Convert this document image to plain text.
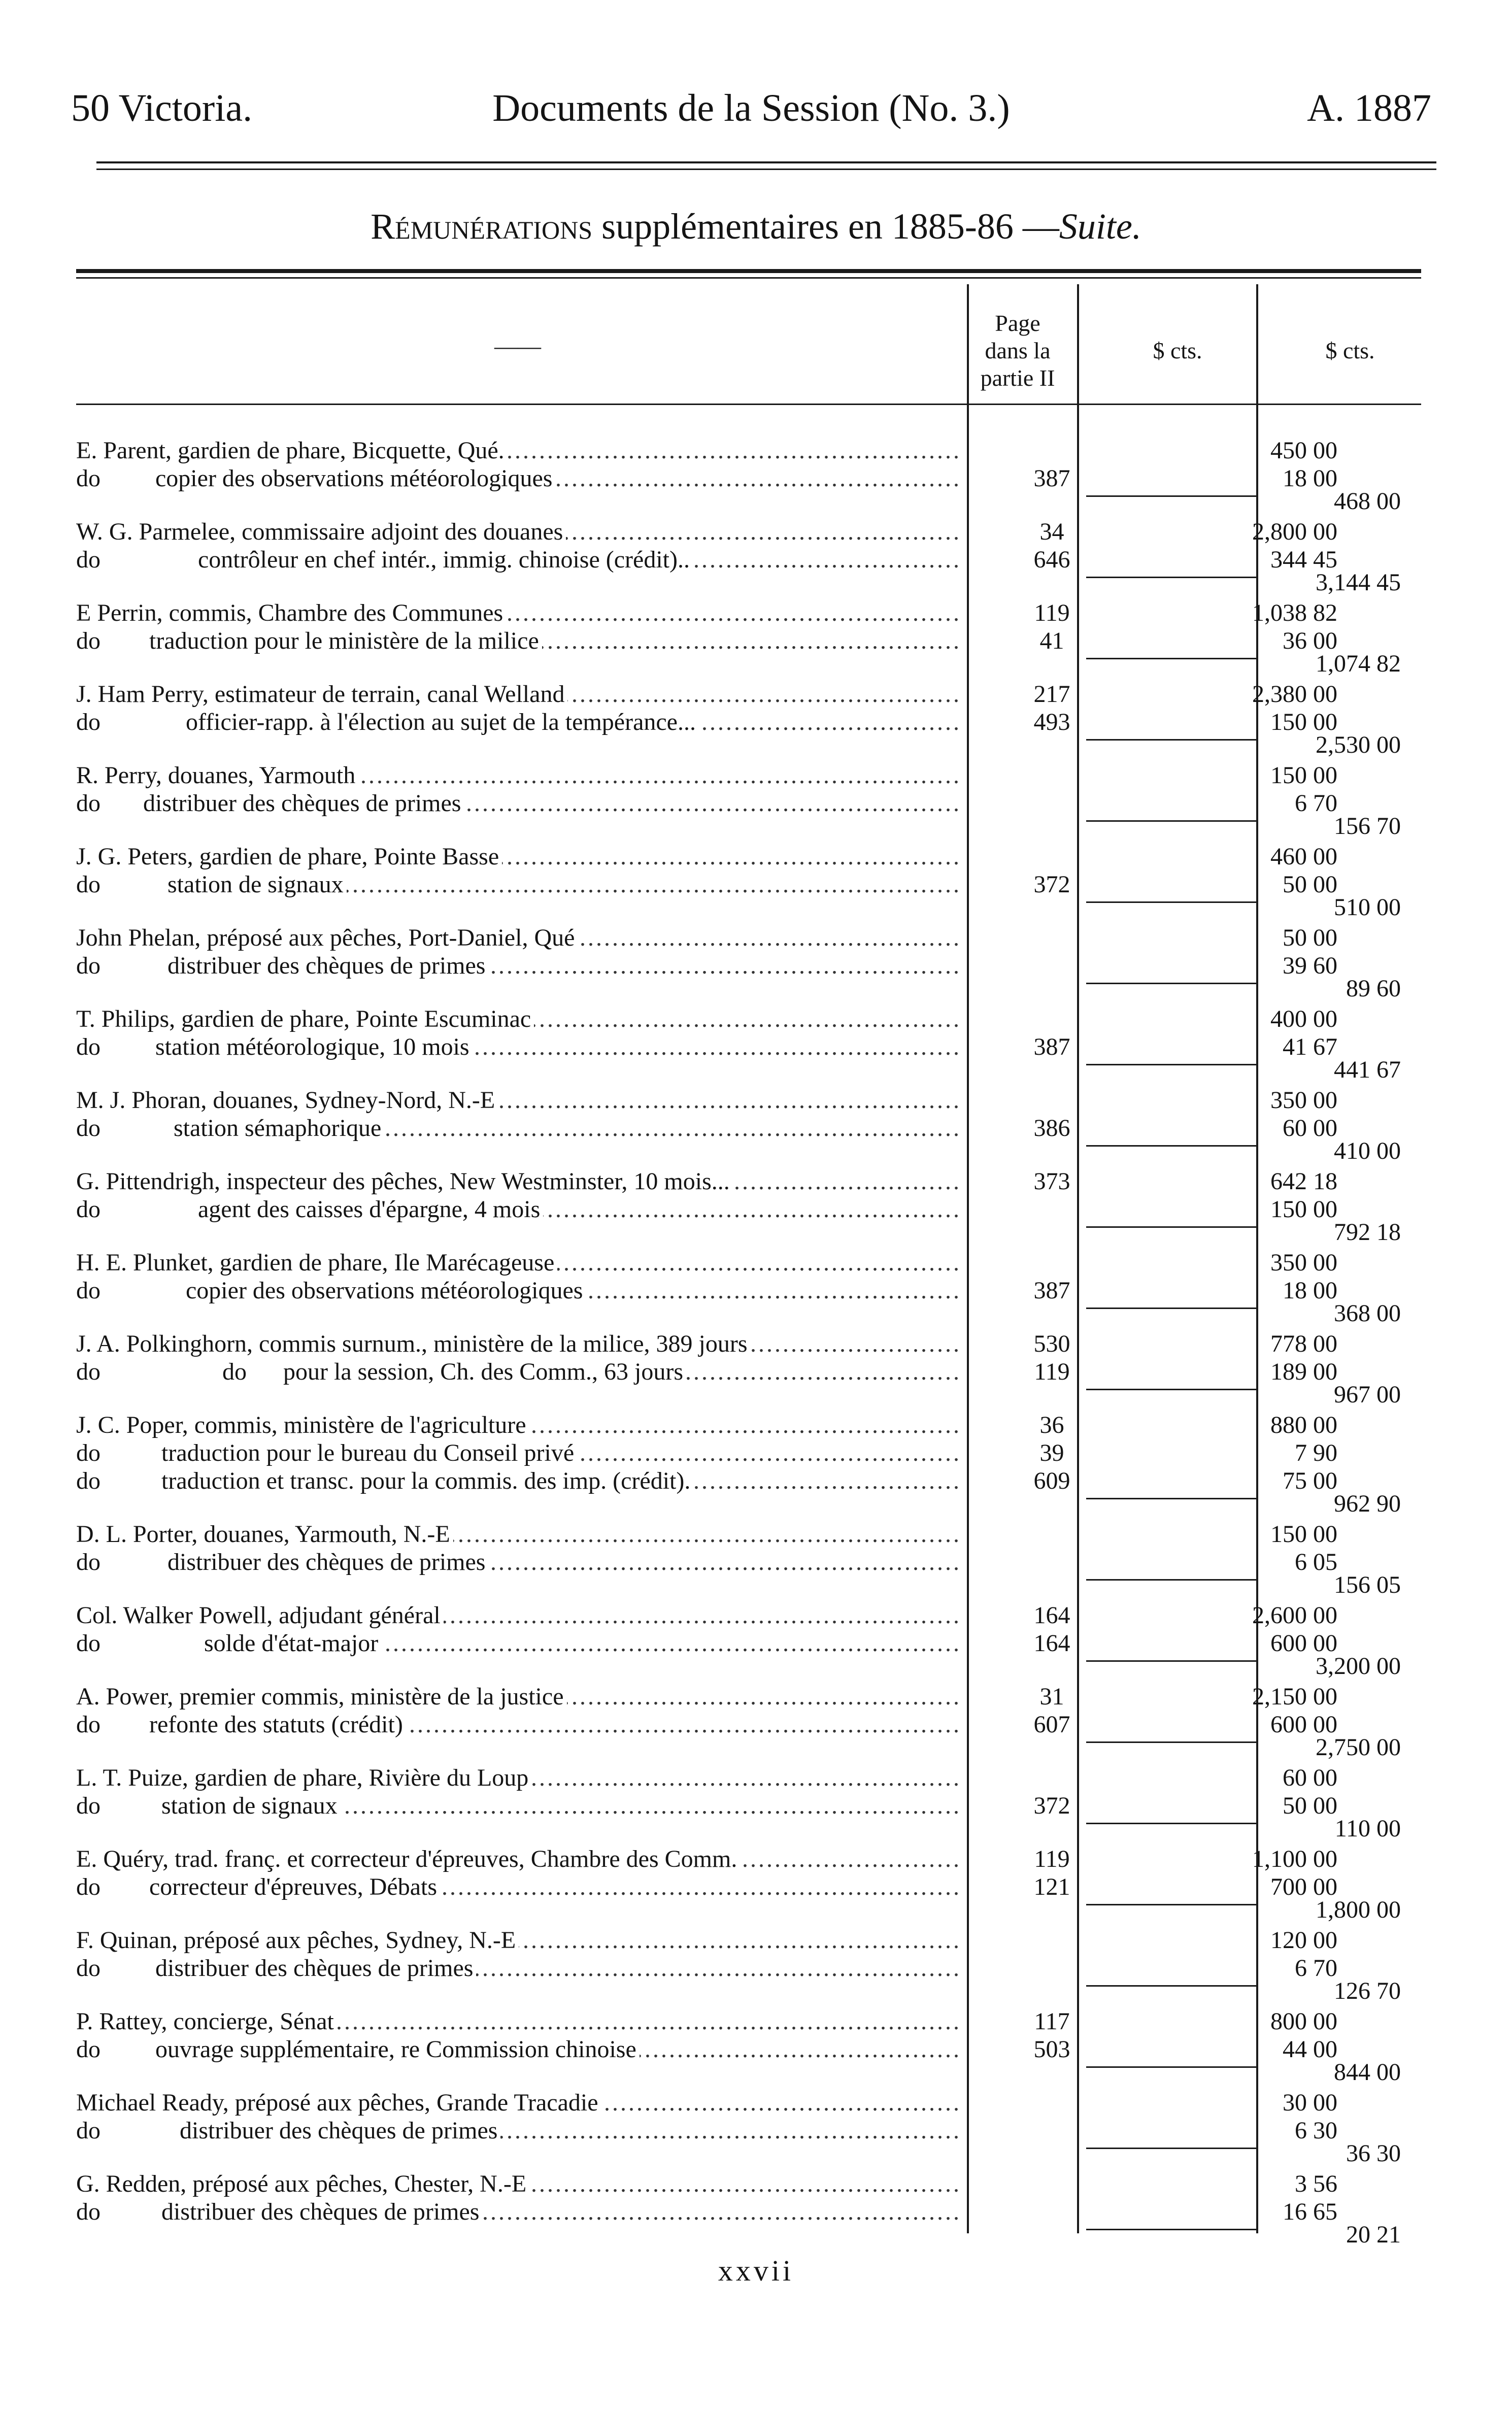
50 Victoria.	Documents de la Session (No. 3.)	A. 1887
Rémunérations supplémentaires en 1885-86 —Suite.
——
Page
dans la
partie II
$ cts.	$ cts.
E. Parent, gardien de phare, Bicquette, Qué. .....	450 00
do         copier des observations météorologiques .....	387	18 00
468 00
W. G. Parmelee, commissaire adjoint des douanes .....	34	2,800 00
do                contrôleur en chef intér., immig. chinoise (crédit).. .....	646	344 45
3,144 45
E Perrin, commis, Chambre des Communes .....	119	1,038 82
do        traduction pour le ministère de la milice .....	41	36 00
1,074 82
J. Ham Perry, estimateur de terrain, canal Welland .....	217	2,380 00
do              officier-rapp. à l'élection au sujet de la tempérance... .....	493	150 00
2,530 00
R. Perry, douanes, Yarmouth .....	150 00
do       distribuer des chèques de primes .....	6 70
156 70
J. G. Peters, gardien de phare, Pointe Basse .....	460 00
do           station de signaux .....	372	50 00
510 00
John Phelan, préposé aux pêches, Port-Daniel, Qué .....	50 00
do           distribuer des chèques de primes .....	39 60
89 60
T. Philips, gardien de phare, Pointe Escuminac .....	400 00
do         station météorologique, 10 mois .....	387	41 67
441 67
M. J. Phoran, douanes, Sydney-Nord, N.-E .....	350 00
do            station sémaphorique .....	386	60 00
410 00
G. Pittendrigh, inspecteur des pêches, New Westminster, 10 mois... .....	373	642 18
do                agent des caisses d'épargne, 4 mois .....	150 00
792 18
H. E. Plunket, gardien de phare, Ile Marécageuse .....	350 00
do              copier des observations météorologiques .....	387	18 00
368 00
J. A. Polkinghorn, commis surnum., ministère de la milice, 389 jours .....	530	778 00
do                    do      pour la session, Ch. des Comm., 63 jours .....	119	189 00
967 00
J. C. Poper, commis, ministère de l'agriculture .....	36	880 00
do          traduction pour le bureau du Conseil privé .....	39	7 90
do          traduction et transc. pour la commis. des imp. (crédit). .....	609	75 00
962 90
D. L. Porter, douanes, Yarmouth, N.-E .....	150 00
do           distribuer des chèques de primes .....	6 05
156 05
Col. Walker Powell, adjudant général .....	164	2,600 00
do                 solde d'état-major .....	164	600 00
3,200 00
A. Power, premier commis, ministère de la justice .....	31	2,150 00
do        refonte des statuts (crédit) .....	607	600 00
2,750 00
L. T. Puize, gardien de phare, Rivière du Loup .....	60 00
do          station de signaux .....	372	50 00
110 00
E. Quéry, trad. franç. et correcteur d'épreuves, Chambre des Comm. .....	119	1,100 00
do        correcteur d'épreuves, Débats .....	121	700 00
1,800 00
F. Quinan, préposé aux pêches, Sydney, N.-E .....	120 00
do         distribuer des chèques de primes .....	6 70
126 70
P. Rattey, concierge, Sénat .....	117	800 00
do         ouvrage supplémentaire, re Commission chinoise .....	503	44 00
844 00
Michael Ready, préposé aux pêches, Grande Tracadie .....	30 00
do             distribuer des chèques de primes .....	6 30
36 30
G. Redden, préposé aux pêches, Chester, N.-E .....	3 56
do          distribuer des chèques de primes .....	16 65
20 21
xxvii
